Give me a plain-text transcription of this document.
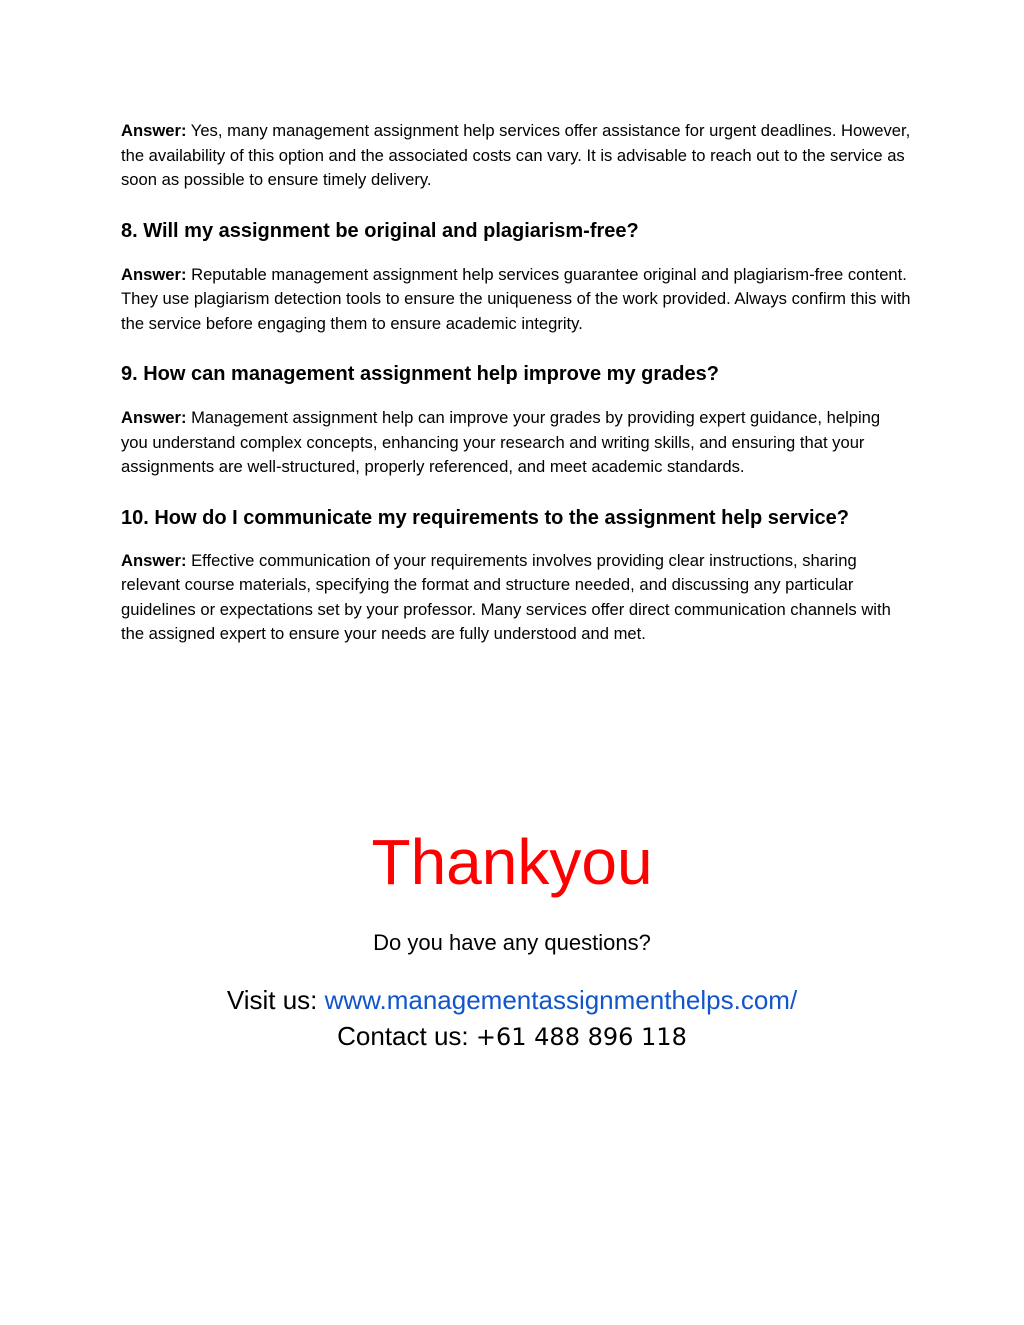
Answer: Yes, many management assignment help services offer assistance for urgent deadlines. However, the availability of this option and the associated costs can vary. It is advisable to reach out to the service as soon as possible to ensure timely delivery.

8. Will my assignment be original and plagiarism-free?

Answer: Reputable management assignment help services guarantee original and plagiarism-free content. They use plagiarism detection tools to ensure the uniqueness of the work provided. Always confirm this with the service before engaging them to ensure academic integrity.

9. How can management assignment help improve my grades?

Answer: Management assignment help can improve your grades by providing expert guidance, helping you understand complex concepts, enhancing your research and writing skills, and ensuring that your assignments are well-structured, properly referenced, and meet academic standards.

10. How do I communicate my requirements to the assignment help service?

Answer: Effective communication of your requirements involves providing clear instructions, sharing relevant course materials, specifying the format and structure needed, and discussing any particular guidelines or expectations set by your professor. Many services offer direct communication channels with the assigned expert to ensure your needs are fully understood and met.

Thankyou
Do you have any questions?
Visit us: www.managementassignmenthelps.com/
Contact us: +61 488 896 118
